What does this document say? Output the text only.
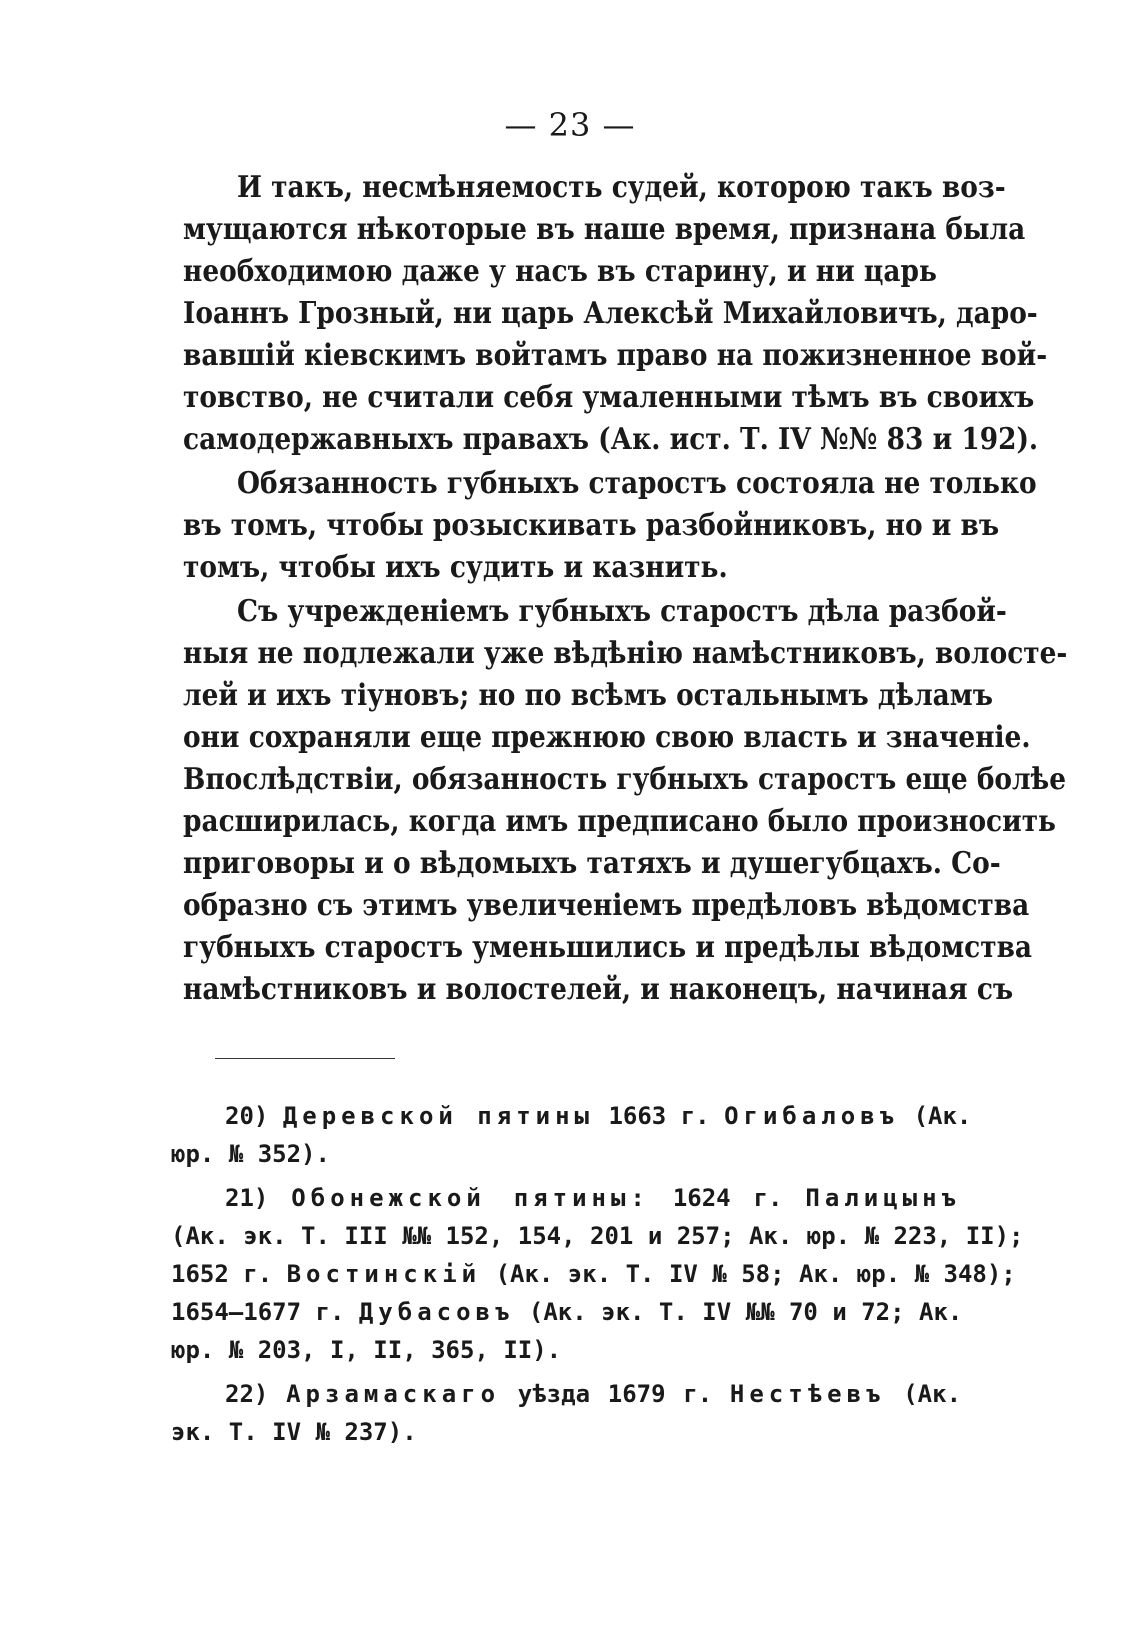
— 23 —
И такъ, несмѣняемость судей, которою такъ воз-
мущаются нѣкоторые въ наше время, признана была
необходимою даже у насъ въ старину, и ни царь
Іоаннъ Грозный, ни царь Алексѣй Михайловичъ, даро-
вавшій кіевскимъ войтамъ право на пожизненное вой-
товство, не считали себя умаленными тѣмъ въ своихъ
самодержавныхъ правахъ (Ак. ист. Т. IV №№ 83 и 192).
Обязанность губныхъ старостъ состояла не только
въ томъ, чтобы розыскивать разбойниковъ, но и въ
томъ, чтобы ихъ судить и казнить.
Съ учрежденіемъ губныхъ старостъ дѣла разбой-
ныя не подлежали уже вѣдѣнію намѣстниковъ, волосте-
лей и ихъ тіуновъ; но по всѣмъ остальнымъ дѣламъ
они сохраняли еще прежнюю свою власть и значеніе.
Впослѣдствіи, обязанность губныхъ старостъ еще болѣе
расширилась, когда имъ предписано было произносить
приговоры и о вѣдомыхъ татяхъ и душегубцахъ. Со-
образно съ этимъ увеличеніемъ предѣловъ вѣдомства
губныхъ старостъ уменьшились и предѣлы вѣдомства
намѣстниковъ и волостелей, и наконецъ, начиная съ
20) Деревской пятины 1663 г. Огибаловъ (Ак.
юр. № 352).
21) Обонежской пятины: 1624 г. Палицынъ
(Ак. эк. Т. III №№ 152, 154, 201 и 257; Ак. юр. № 223, II);
1652 г. Востинскій (Ак. эк. Т. IV № 58; Ак. юр. № 348);
1654—1677 г. Дубасовъ (Ак. эк. Т. IV №№ 70 и 72; Ак.
юр. № 203, I, II, 365, II).
22) Арзамаскаго уѣзда 1679 г. Нестѣевъ (Ак.
эк. Т. IV № 237).
